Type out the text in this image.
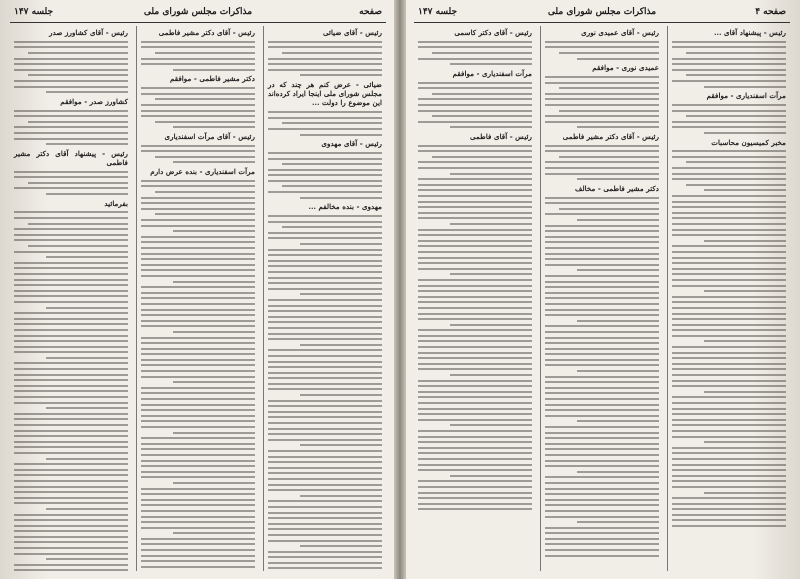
صفحه
مذاکرات مجلس شورای ملی
جلسه ۱۴۷
رئیس - آقای ضیائی
ضیائی - عرض کنم هر چند که در مجلس شورای ملی اینجا ایراد کرده‌اند این موضوع را دولت ...
رئیس - آقای مهدوی
مهدوی - بنده مخالفم ...
رئیس - آقای دکتر مشیر فاطمی
دکتر مشیر فاطمی - موافقم
رئیس - آقای مرآت اسفندیاری
مرآت اسفندیاری - بنده عرض دارم
رئیس - آقای کشاورز صدر
کشاورز صدر - موافقم
رئیس - پیشنهاد آقای دکتر مشیر فاطمی
بفرمائید
صفحه ۴
مذاکرات مجلس شورای ملی
جلسه ۱۴۷
رئیس - پیشنهاد آقای ...
مرآت اسفندیاری - موافقم
مخبر کمیسیون محاسبات
رئیس - آقای عمیدی نوری
عمیدی نوری - موافقم
رئیس - آقای دکتر مشیر فاطمی
دکتر مشیر فاطمی - مخالف
رئیس - آقای دکتر کاسمی
مرآت اسفندیاری - موافقم
رئیس - آقای فاطمی
